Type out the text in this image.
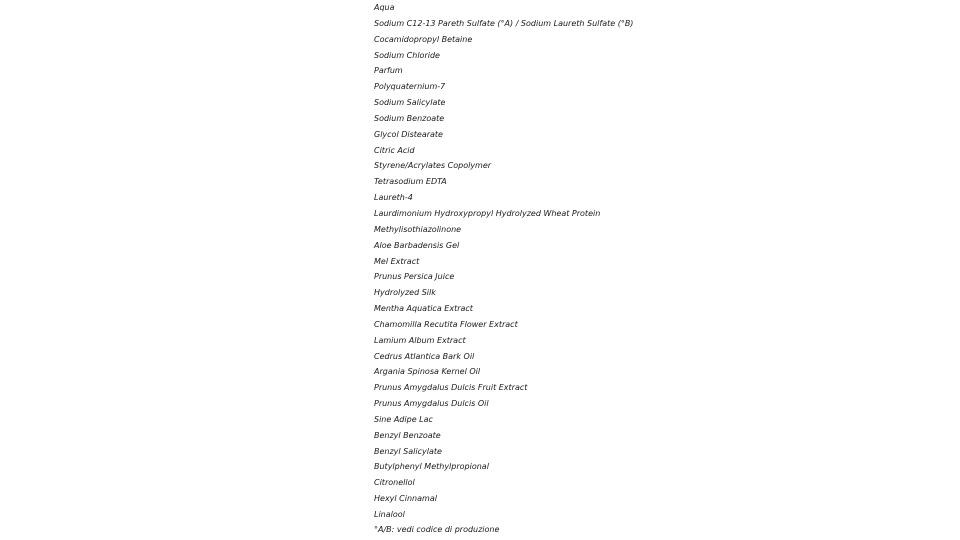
Aqua
Sodium C12-13 Pareth Sulfate (°A) / Sodium Laureth Sulfate (°B)
Cocamidopropyl Betaine
Sodium Chloride
Parfum
Polyquaternium-7
Sodium Salicylate
Sodium Benzoate
Glycol Distearate
Citric Acid
Styrene/Acrylates Copolymer
Tetrasodium EDTA
Laureth-4
Laurdimonium Hydroxypropyl Hydrolyzed Wheat Protein
Methylisothiazolinone
Aloe Barbadensis Gel
Mel Extract
Prunus Persica Juice
Hydrolyzed Silk
Mentha Aquatica Extract
Chamomilla Recutita Flower Extract
Lamium Album Extract
Cedrus Atlantica Bark Oil
Argania Spinosa Kernel Oil
Prunus Amygdalus Dulcis Fruit Extract
Prunus Amygdalus Dulcis Oil
Sine Adipe Lac
Benzyl Benzoate
Benzyl Salicylate
Butylphenyl Methylpropional
Citronellol
Hexyl Cinnamal
Linalool
°A/B: vedi codice di produzione
